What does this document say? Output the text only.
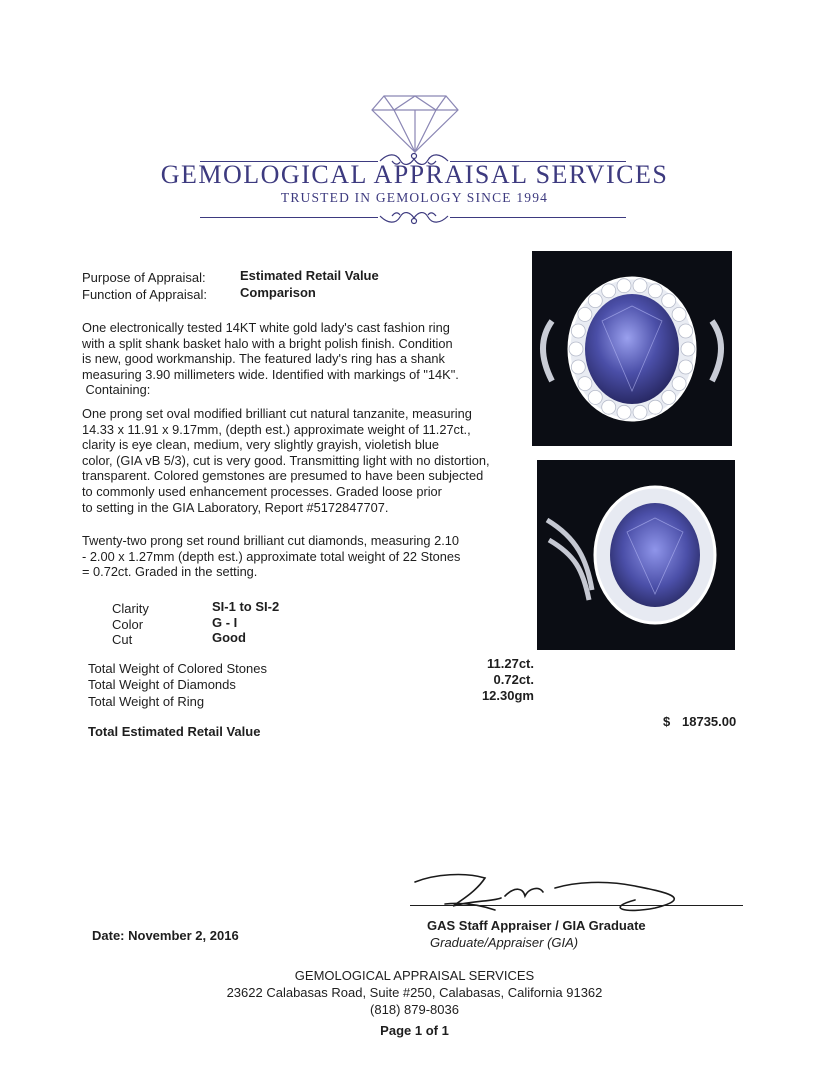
GEMOLOGICAL APPRAISAL SERVICES
TRUSTED IN GEMOLOGY SINCE 1994
Purpose of Appraisal:	Estimated Retail Value
Function of Appraisal:	Comparison
One electronically tested 14KT white gold lady's cast fashion ring
with a split shank basket halo with a bright polish finish. Condition
is new, good workmanship. The featured lady's ring has a shank
measuring 3.90 millimeters wide. Identified with markings of "14K".
Containing:
One prong set oval modified brilliant cut natural tanzanite, measuring
14.33 x 11.91 x 9.17mm, (depth est.) approximate weight of 11.27ct.,
clarity is eye clean, medium, very slightly grayish, violetish blue
color, (GIA vB 5/3), cut is very good. Transmitting light with no distortion,
transparent. Colored gemstones are presumed to have been subjected
to commonly used enhancement processes. Graded loose prior
to setting in the GIA Laboratory, Report #5172847707.
Twenty-two prong set round brilliant cut diamonds, measuring 2.10
- 2.00 x 1.27mm (depth est.) approximate total weight of 22 Stones
= 0.72ct. Graded in the setting.
Clarity	SI-1 to SI-2
Color	G - I
Cut	Good
Total Weight of Colored Stones	11.27ct.
Total Weight of Diamonds	0.72ct.
Total Weight of Ring	12.30gm
Total Estimated Retail Value
$ 18735.00
Date: November 2, 2016
GAS Staff Appraiser / GIA Graduate
Graduate/Appraiser (GIA)
GEMOLOGICAL APPRAISAL SERVICES
23622 Calabasas Road, Suite #250, Calabasas, California 91362
(818) 879-8036
Page 1 of 1
